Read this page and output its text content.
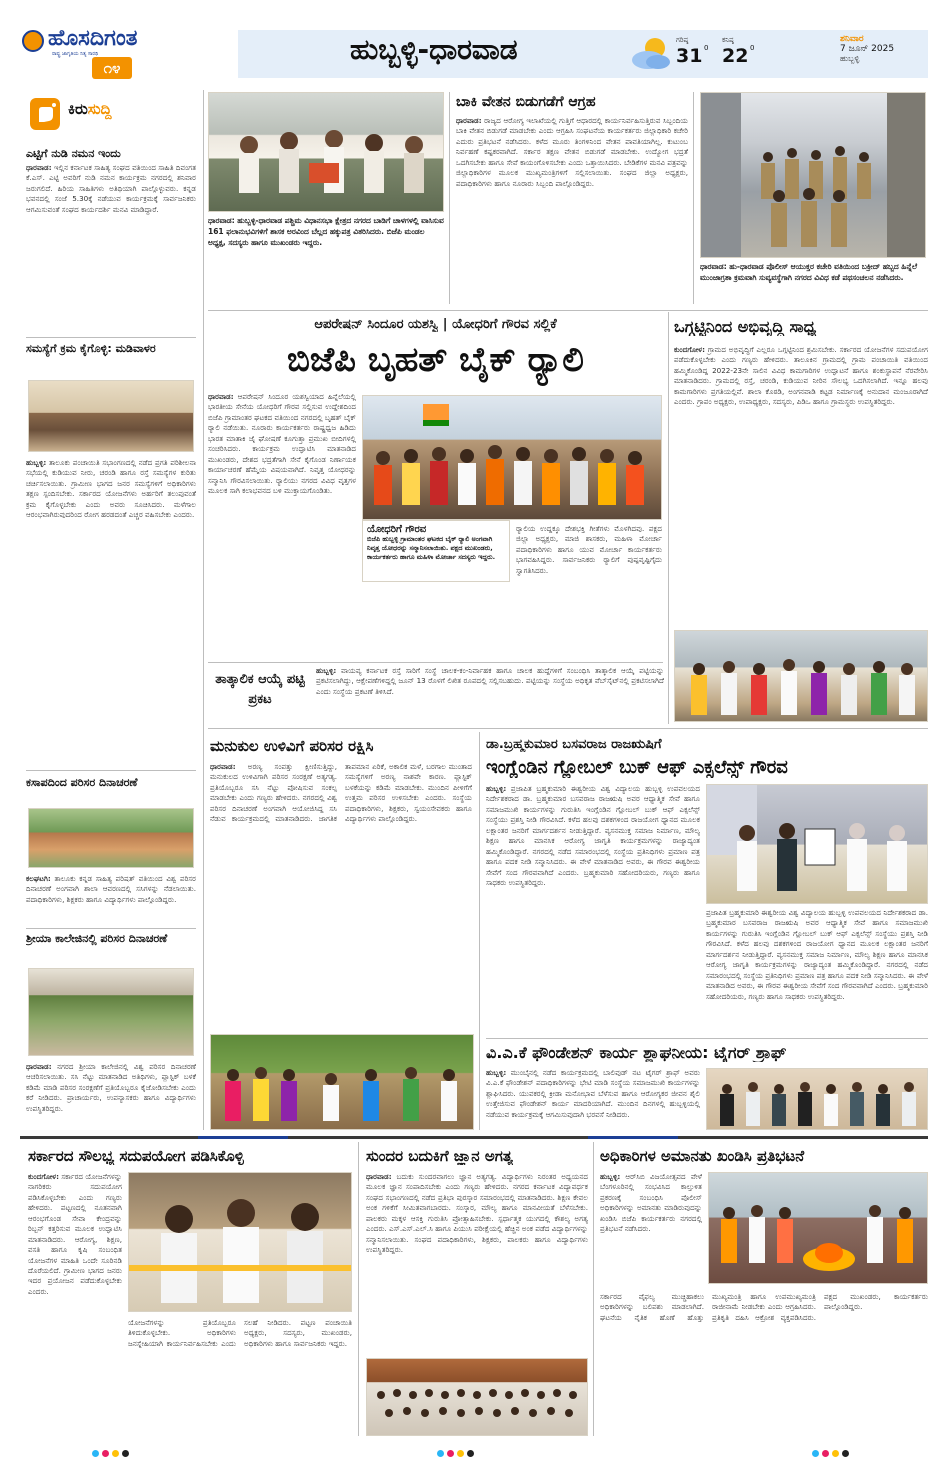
ಹೊಸದಿಗಂತ
ರಾಷ್ಟ್ರ ಜಾಗೃತಿಯ ನಿತ್ಯ ಸಾರಥಿ
೧೪
ಹುಬ್ಬಳ್ಳಿ-ಧಾರವಾಡ	ಗರಿಷ್ಠ
31 0
ಕನಿಷ್ಠ
22 0
ಶನಿವಾರ
7 ಜೂನ್ 2025
ಹುಬ್ಬಳ್ಳಿ
ಕಿರುಸುದ್ದಿ
ಎಟ್ಟಿಗೆ ನುಡಿ ನಮನ ಇಂದು
ಧಾರವಾಡ: ಇಲ್ಲಿನ ಕರ್ನಾಟಕ ಸಾಹಿತ್ಯ ಸಂಘದ ವತಿಯಿಂದ ಸಾಹಿತಿ ದಿವಂಗತ ಕೆ.ಎಸ್. ಎಟ್ಟಿ ಅವರಿಗೆ ನುಡಿ ನಮನ ಕಾರ್ಯಕ್ರಮ ನಗರದಲ್ಲಿ ಶನಿವಾರ ಜರುಗಲಿದೆ. ಹಿರಿಯ ಸಾಹಿತಿಗಳು ಅತಿಥಿಯಾಗಿ ಪಾಲ್ಗೊಳ್ಳುವರು. ಕನ್ನಡ ಭವನದಲ್ಲಿ ಸಂಜೆ 5.30ಕ್ಕೆ ನಡೆಯುವ ಕಾರ್ಯಕ್ರಮಕ್ಕೆ ಸಾರ್ವಜನಿಕರು ಆಗಮಿಸುವಂತೆ ಸಂಘದ ಕಾರ್ಯದರ್ಶಿ ಮನವಿ ಮಾಡಿದ್ದಾರೆ.
ಸಮಸ್ಯೆಗೆ ಕ್ರಮ ಕೈಗೊಳ್ಳಿ: ಮಡಿವಾಳರ
ಹುಬ್ಬಳ್ಳಿ: ತಾಲೂಕು ಪಂಚಾಯಿತಿ ಸಭಾಂಗಣದಲ್ಲಿ ನಡೆದ ಪ್ರಗತಿ ಪರಿಶೀಲನಾ ಸಭೆಯಲ್ಲಿ ಕುಡಿಯುವ ನೀರು, ಚರಂಡಿ ಹಾಗೂ ರಸ್ತೆ ಸಮಸ್ಯೆಗಳ ಕುರಿತು ಚರ್ಚಿಸಲಾಯಿತು. ಗ್ರಾಮೀಣ ಭಾಗದ ಜನರ ಸಮಸ್ಯೆಗಳಿಗೆ ಅಧಿಕಾರಿಗಳು ತಕ್ಷಣ ಸ್ಪಂದಿಸಬೇಕು. ಸರ್ಕಾರದ ಯೋಜನೆಗಳು ಅರ್ಹರಿಗೆ ತಲುಪುವಂತೆ ಕ್ರಮ ಕೈಗೊಳ್ಳಬೇಕು ಎಂದು ಅವರು ಸೂಚಿಸಿದರು. ಮಳೆಗಾಲ ಆರಂಭವಾಗಿರುವುದರಿಂದ ರೋಗ ಹರಡದಂತೆ ಎಚ್ಚರ ವಹಿಸಬೇಕು ಎಂದರು.
ಕಸಾಪದಿಂದ ಪರಿಸರ ದಿನಾಚರಣೆ
ಕಲಘಟಗಿ: ತಾಲೂಕು ಕನ್ನಡ ಸಾಹಿತ್ಯ ಪರಿಷತ್ ವತಿಯಿಂದ ವಿಶ್ವ ಪರಿಸರ ದಿನಾಚರಣೆ ಅಂಗವಾಗಿ ಶಾಲಾ ಆವರಣದಲ್ಲಿ ಸಸಿಗಳನ್ನು ನೆಡಲಾಯಿತು. ಪದಾಧಿಕಾರಿಗಳು, ಶಿಕ್ಷಕರು ಹಾಗೂ ವಿದ್ಯಾರ್ಥಿಗಳು ಪಾಲ್ಗೊಂಡಿದ್ದರು.
ಶ್ರೀಯಾ ಕಾಲೇಜಿನಲ್ಲಿ ಪರಿಸರ ದಿನಾಚರಣೆ
ಧಾರವಾಡ: ನಗರದ ಶ್ರೀಯಾ ಕಾಲೇಜಿನಲ್ಲಿ ವಿಶ್ವ ಪರಿಸರ ದಿನಾಚರಣೆ ಆಚರಿಸಲಾಯಿತು. ಸಸಿ ನೆಟ್ಟು ಮಾತನಾಡಿದ ಅತಿಥಿಗಳು, ಪ್ಲಾಸ್ಟಿಕ್ ಬಳಕೆ ಕಡಿಮೆ ಮಾಡಿ ಪರಿಸರ ಸಂರಕ್ಷಣೆಗೆ ಪ್ರತಿಯೊಬ್ಬರೂ ಕೈಜೋಡಿಸಬೇಕು ಎಂದು ಕರೆ ನೀಡಿದರು. ಪ್ರಾಚಾರ್ಯರು, ಉಪನ್ಯಾಸಕರು ಹಾಗೂ ವಿದ್ಯಾರ್ಥಿಗಳು ಉಪಸ್ಥಿತರಿದ್ದರು.
ಧಾರವಾಡ: ಹುಬ್ಬಳ್ಳಿ-ಧಾರವಾಡ ಪಶ್ಚಿಮ ವಿಧಾನಸಭಾ ಕ್ಷೇತ್ರದ ನಗರದ ಬಾಡಿಗೆ ಚಾಳಗಳಲ್ಲಿ ವಾಸಿಸುವ 161 ಫಲಾನುಭವಿಗಳಿಗೆ ಶಾಸಕ ಅರವಿಂದ ಬೆಲ್ಲದ ಹಕ್ಕುಪತ್ರ ವಿತರಿಸಿದರು. ಬಿಜೆಪಿ ಮಂಡಲ ಅಧ್ಯಕ್ಷ, ಸದಸ್ಯರು ಹಾಗೂ ಮುಖಂಡರು ಇದ್ದರು.
ಬಾಕಿ ವೇತನ ಬಿಡುಗಡೆಗೆ ಆಗ್ರಹ
ಧಾರವಾಡ: ರಾಜ್ಯದ ಆರೋಗ್ಯ ಇಲಾಖೆಯಲ್ಲಿ ಗುತ್ತಿಗೆ ಆಧಾರದಲ್ಲಿ ಕಾರ್ಯನಿರ್ವಹಿಸುತ್ತಿರುವ ಸಿಬ್ಬಂದಿಯ ಬಾಕಿ ವೇತನ ಬಿಡುಗಡೆ ಮಾಡಬೇಕು ಎಂದು ಆಗ್ರಹಿಸಿ ಸಂಘಟನೆಯ ಕಾರ್ಯಕರ್ತರು ಜಿಲ್ಲಾಧಿಕಾರಿ ಕಚೇರಿ ಎದುರು ಪ್ರತಿಭಟನೆ ನಡೆಸಿದರು. ಕಳೆದ ಮೂರು ತಿಂಗಳಿನಿಂದ ವೇತನ ಪಾವತಿಯಾಗಿಲ್ಲ. ಕುಟುಂಬ ನಿರ್ವಹಣೆ ಕಷ್ಟಕರವಾಗಿದೆ. ಸರ್ಕಾರ ತಕ್ಷಣ ವೇತನ ಬಿಡುಗಡೆ ಮಾಡಬೇಕು. ಉದ್ಯೋಗ ಭದ್ರತೆ ಒದಗಿಸಬೇಕು ಹಾಗೂ ಸೇವೆ ಕಾಯಂಗೊಳಿಸಬೇಕು ಎಂದು ಒತ್ತಾಯಿಸಿದರು. ಬೇಡಿಕೆಗಳ ಮನವಿ ಪತ್ರವನ್ನು ಜಿಲ್ಲಾಧಿಕಾರಿಗಳ ಮೂಲಕ ಮುಖ್ಯಮಂತ್ರಿಗಳಿಗೆ ಸಲ್ಲಿಸಲಾಯಿತು. ಸಂಘದ ಜಿಲ್ಲಾ ಅಧ್ಯಕ್ಷರು, ಪದಾಧಿಕಾರಿಗಳು ಹಾಗೂ ನೂರಾರು ಸಿಬ್ಬಂದಿ ಪಾಲ್ಗೊಂಡಿದ್ದರು.
ಧಾರವಾಡ: ಹು-ಧಾರವಾಡ ಪೊಲೀಸ್ ಆಯುಕ್ತರ ಕಚೇರಿ ವತಿಯಿಂದ ಬಕ್ರೀದ್ ಹಬ್ಬದ ಹಿನ್ನೆಲೆ ಮುಂಜಾಗ್ರತಾ ಕ್ರಮವಾಗಿ ಸುವ್ಯವಸ್ಥೆಗಾಗಿ ನಗರದ ವಿವಿಧ ಕಡೆ ಪಥಸಂಚಲನ ನಡೆಸಿದರು.
ಆಪರೇಷನ್ ಸಿಂದೂರ ಯಶಸ್ವಿ | ಯೋಧರಿಗೆ ಗೌರವ ಸಲ್ಲಿಕೆ
ಬಿಜೆಪಿ ಬೃಹತ್ ಬೈಕ್ ರ‍್ಯಾಲಿ
ಧಾರವಾಡ: ಆಪರೇಷನ್ ಸಿಂದೂರ ಯಶಸ್ವಿಯಾದ ಹಿನ್ನೆಲೆಯಲ್ಲಿ ಭಾರತೀಯ ಸೇನೆಯ ಯೋಧರಿಗೆ ಗೌರವ ಸಲ್ಲಿಸುವ ಉದ್ದೇಶದಿಂದ ಬಿಜೆಪಿ ಗ್ರಾಮಾಂತರ ಘಟಕದ ವತಿಯಿಂದ ನಗರದಲ್ಲಿ ಬೃಹತ್ ಬೈಕ್ ರ‍್ಯಾಲಿ ನಡೆಯಿತು. ನೂರಾರು ಕಾರ್ಯಕರ್ತರು ರಾಷ್ಟ್ರಧ್ವಜ ಹಿಡಿದು ಭಾರತ ಮಾತಾಕಿ ಜೈ ಘೋಷಣೆ ಕೂಗುತ್ತಾ ಪ್ರಮುಖ ಬೀದಿಗಳಲ್ಲಿ ಸಂಚರಿಸಿದರು. ಕಾರ್ಯಕ್ರಮ ಉದ್ಘಾಟಿಸಿ ಮಾತನಾಡಿದ ಮುಖಂಡರು, ದೇಶದ ಭದ್ರತೆಗಾಗಿ ಸೇನೆ ಕೈಗೊಂಡ ನಿರ್ಣಾಯಕ ಕಾರ್ಯಾಚರಣೆ ಹೆಮ್ಮೆಯ ವಿಷಯವಾಗಿದೆ. ನಿವೃತ್ತ ಯೋಧರನ್ನು ಸನ್ಮಾನಿಸಿ ಗೌರವಿಸಲಾಯಿತು. ರ‍್ಯಾಲಿಯು ನಗರದ ವಿವಿಧ ವೃತ್ತಗಳ ಮೂಲಕ ಸಾಗಿ ಕಲಾಭವನದ ಬಳಿ ಮುಕ್ತಾಯಗೊಂಡಿತು.
ಯೋಧರಿಗೆ ಗೌರವ
ಬಿಜೆಪಿ ಹುಬ್ಬಳ್ಳಿ ಗ್ರಾಮಾಂತರ ಘಟಕದ ಬೈಕ್ ರ‍್ಯಾಲಿ ಅಂಗವಾಗಿ ನಿವೃತ್ತ ಯೋಧರನ್ನು ಸನ್ಮಾನಿಸಲಾಯಿತು. ಪಕ್ಷದ ಮುಖಂಡರು, ಕಾರ್ಯಕರ್ತರು ಹಾಗೂ ಮಹಿಳಾ ಮೋರ್ಚಾ ಸದಸ್ಯರು ಇದ್ದರು.
ರ‍್ಯಾಲಿಯ ಉದ್ದಕ್ಕೂ ದೇಶಭಕ್ತಿ ಗೀತೆಗಳು ಮೊಳಗಿದವು. ಪಕ್ಷದ ಜಿಲ್ಲಾ ಅಧ್ಯಕ್ಷರು, ಮಾಜಿ ಶಾಸಕರು, ಮಹಿಳಾ ಮೋರ್ಚಾ ಪದಾಧಿಕಾರಿಗಳು ಹಾಗೂ ಯುವ ಮೋರ್ಚಾ ಕಾರ್ಯಕರ್ತರು ಭಾಗವಹಿಸಿದ್ದರು. ಸಾರ್ವಜನಿಕರು ರ‍್ಯಾಲಿಗೆ ಪುಷ್ಪವೃಷ್ಟಿಗೈದು ಸ್ವಾಗತಿಸಿದರು.
ಒಗ್ಗಟ್ಟಿನಿಂದ ಅಭಿವೃದ್ಧಿ ಸಾಧ್ಯ
ಕುಂದಗೋಳ: ಗ್ರಾಮದ ಅಭಿವೃದ್ಧಿಗೆ ಎಲ್ಲರೂ ಒಗ್ಗಟ್ಟಿನಿಂದ ಶ್ರಮಿಸಬೇಕು. ಸರ್ಕಾರದ ಯೋಜನೆಗಳ ಸದುಪಯೋಗ ಪಡೆದುಕೊಳ್ಳಬೇಕು ಎಂದು ಗಣ್ಯರು ಹೇಳಿದರು. ತಾಲೂಕಿನ ಗ್ರಾಮದಲ್ಲಿ ಗ್ರಾಮ ಪಂಚಾಯಿತಿ ವತಿಯಿಂದ ಹಮ್ಮಿಕೊಂಡಿದ್ದ 2022-23ನೇ ಸಾಲಿನ ವಿವಿಧ ಕಾಮಗಾರಿಗಳ ಉದ್ಘಾಟನೆ ಹಾಗೂ ಶಂಕುಸ್ಥಾಪನೆ ನೆರವೇರಿಸಿ ಮಾತನಾಡಿದರು. ಗ್ರಾಮದಲ್ಲಿ ರಸ್ತೆ, ಚರಂಡಿ, ಕುಡಿಯುವ ನೀರಿನ ಸೌಲಭ್ಯ ಒದಗಿಸಲಾಗಿದೆ. ಇನ್ನೂ ಹಲವು ಕಾಮಗಾರಿಗಳು ಪ್ರಗತಿಯಲ್ಲಿವೆ. ಶಾಲಾ ಕೊಠಡಿ, ಅಂಗನವಾಡಿ ಕಟ್ಟಡ ನಿರ್ಮಾಣಕ್ಕೆ ಅನುದಾನ ಮಂಜೂರಾಗಿದೆ ಎಂದರು. ಗ್ರಾಪಂ ಅಧ್ಯಕ್ಷರು, ಉಪಾಧ್ಯಕ್ಷರು, ಸದಸ್ಯರು, ಪಿಡಿಒ ಹಾಗೂ ಗ್ರಾಮಸ್ಥರು ಉಪಸ್ಥಿತರಿದ್ದರು.
ತಾತ್ಕಾಲಿಕ ಆಯ್ಕೆ ಪಟ್ಟಿ ಪ್ರಕಟ
ಹುಬ್ಬಳ್ಳಿ: ವಾಯವ್ಯ ಕರ್ನಾಟಕ ರಸ್ತೆ ಸಾರಿಗೆ ಸಂಸ್ಥೆ ಚಾಲಕ-ಕಂ-ನಿರ್ವಾಹಕ ಹಾಗೂ ಚಾಲಕ ಹುದ್ದೆಗಳಿಗೆ ಸಂಬಂಧಿಸಿ ತಾತ್ಕಾಲಿಕ ಆಯ್ಕೆ ಪಟ್ಟಿಯನ್ನು ಪ್ರಕಟಿಸಲಾಗಿದ್ದು, ಆಕ್ಷೇಪಣೆಗಳಿದ್ದಲ್ಲಿ ಜೂನ್ 13 ರೊಳಗೆ ಲಿಖಿತ ರೂಪದಲ್ಲಿ ಸಲ್ಲಿಸಬಹುದು. ಪಟ್ಟಿಯನ್ನು ಸಂಸ್ಥೆಯ ಅಧಿಕೃತ ವೆಬ್‌ಸೈಟ್‌ನಲ್ಲಿ ಪ್ರಕಟಿಸಲಾಗಿದೆ ಎಂದು ಸಂಸ್ಥೆಯ ಪ್ರಕಟಣೆ ತಿಳಿಸಿದೆ.
ಮನುಕುಲ ಉಳಿವಿಗೆ ಪರಿಸರ ರಕ್ಷಿಸಿ
ಧಾರವಾಡ: ಅರಣ್ಯ ಸಂಪತ್ತು ಕ್ಷೀಣಿಸುತ್ತಿದ್ದು, ಮನುಕುಲದ ಉಳಿವಿಗಾಗಿ ಪರಿಸರ ಸಂರಕ್ಷಣೆ ಅತ್ಯಗತ್ಯ. ಪ್ರತಿಯೊಬ್ಬರೂ ಸಸಿ ನೆಟ್ಟು ಪೋಷಿಸುವ ಸಂಕಲ್ಪ ಮಾಡಬೇಕು ಎಂದು ಗಣ್ಯರು ಹೇಳಿದರು. ನಗರದಲ್ಲಿ ವಿಶ್ವ ಪರಿಸರ ದಿನಾಚರಣೆ ಅಂಗವಾಗಿ ಆಯೋಜಿಸಿದ್ದ ಸಸಿ ನೆಡುವ ಕಾರ್ಯಕ್ರಮದಲ್ಲಿ ಮಾತನಾಡಿದರು. ಜಾಗತಿಕ ತಾಪಮಾನ ಏರಿಕೆ, ಅಕಾಲಿಕ ಮಳೆ, ಬರಗಾಲ ಮುಂತಾದ ಸಮಸ್ಯೆಗಳಿಗೆ ಅರಣ್ಯ ನಾಶವೇ ಕಾರಣ. ಪ್ಲಾಸ್ಟಿಕ್ ಬಳಕೆಯನ್ನು ಕಡಿಮೆ ಮಾಡಬೇಕು. ಮುಂದಿನ ಪೀಳಿಗೆಗೆ ಉತ್ತಮ ಪರಿಸರ ಉಳಿಸಬೇಕು ಎಂದರು. ಸಂಸ್ಥೆಯ ಪದಾಧಿಕಾರಿಗಳು, ಶಿಕ್ಷಕರು, ಸ್ವಯಂಸೇವಕರು ಹಾಗೂ ವಿದ್ಯಾರ್ಥಿಗಳು ಪಾಲ್ಗೊಂಡಿದ್ದರು.
ಡಾ.ಬ್ರಹ್ಮಕುಮಾರ ಬಸವರಾಜ ರಾಜಋಷಿಗೆ
ಇಂಗ್ಲೆಂಡಿನ ಗ್ಲೋಬಲ್ ಬುಕ್ ಆಫ್ ಎಕ್ಸಲೆನ್ಸ್ ಗೌರವ
ಹುಬ್ಬಳ್ಳಿ: ಪ್ರಜಾಪಿತ ಬ್ರಹ್ಮಕುಮಾರಿ ಈಶ್ವರೀಯ ವಿಶ್ವ ವಿದ್ಯಾಲಯ ಹುಬ್ಬಳ್ಳಿ ಉಪವಲಯದ ನಿರ್ದೇಶಕರಾದ ಡಾ. ಬ್ರಹ್ಮಕುಮಾರ ಬಸವರಾಜ ರಾಜಋಷಿ ಅವರ ಆಧ್ಯಾತ್ಮಿಕ ಸೇವೆ ಹಾಗೂ ಸಮಾಜಮುಖಿ ಕಾರ್ಯಗಳನ್ನು ಗುರುತಿಸಿ ಇಂಗ್ಲೆಂಡಿನ ಗ್ಲೋಬಲ್ ಬುಕ್ ಆಫ್ ಎಕ್ಸಲೆನ್ಸ್ ಸಂಸ್ಥೆಯು ಪ್ರಶಸ್ತಿ ನೀಡಿ ಗೌರವಿಸಿದೆ. ಕಳೆದ ಹಲವು ದಶಕಗಳಿಂದ ರಾಜಯೋಗ ಧ್ಯಾನದ ಮೂಲಕ ಲಕ್ಷಾಂತರ ಜನರಿಗೆ ಮಾರ್ಗದರ್ಶನ ನೀಡುತ್ತಿದ್ದಾರೆ. ವ್ಯಸನಮುಕ್ತ ಸಮಾಜ ನಿರ್ಮಾಣ, ಮೌಲ್ಯ ಶಿಕ್ಷಣ ಹಾಗೂ ಮಾನಸಿಕ ಆರೋಗ್ಯ ಜಾಗೃತಿ ಕಾರ್ಯಕ್ರಮಗಳನ್ನು ರಾಜ್ಯಾದ್ಯಂತ ಹಮ್ಮಿಕೊಂಡಿದ್ದಾರೆ. ನಗರದಲ್ಲಿ ನಡೆದ ಸಮಾರಂಭದಲ್ಲಿ ಸಂಸ್ಥೆಯ ಪ್ರತಿನಿಧಿಗಳು ಪ್ರಮಾಣ ಪತ್ರ ಹಾಗೂ ಪದಕ ನೀಡಿ ಸನ್ಮಾನಿಸಿದರು. ಈ ವೇಳೆ ಮಾತನಾಡಿದ ಅವರು, ಈ ಗೌರವ ಈಶ್ವರೀಯ ಸೇವೆಗೆ ಸಂದ ಗೌರವವಾಗಿದೆ ಎಂದರು. ಬ್ರಹ್ಮಕುಮಾರಿ ಸಹೋದರಿಯರು, ಗಣ್ಯರು ಹಾಗೂ ಸಾಧಕರು ಉಪಸ್ಥಿತರಿದ್ದರು.
ಪ್ರಜಾಪಿತ ಬ್ರಹ್ಮಕುಮಾರಿ ಈಶ್ವರೀಯ ವಿಶ್ವ ವಿದ್ಯಾಲಯ ಹುಬ್ಬಳ್ಳಿ ಉಪವಲಯದ ನಿರ್ದೇಶಕರಾದ ಡಾ. ಬ್ರಹ್ಮಕುಮಾರ ಬಸವರಾಜ ರಾಜಋಷಿ ಅವರ ಆಧ್ಯಾತ್ಮಿಕ ಸೇವೆ ಹಾಗೂ ಸಮಾಜಮುಖಿ ಕಾರ್ಯಗಳನ್ನು ಗುರುತಿಸಿ ಇಂಗ್ಲೆಂಡಿನ ಗ್ಲೋಬಲ್ ಬುಕ್ ಆಫ್ ಎಕ್ಸಲೆನ್ಸ್ ಸಂಸ್ಥೆಯು ಪ್ರಶಸ್ತಿ ನೀಡಿ ಗೌರವಿಸಿದೆ. ಕಳೆದ ಹಲವು ದಶಕಗಳಿಂದ ರಾಜಯೋಗ ಧ್ಯಾನದ ಮೂಲಕ ಲಕ್ಷಾಂತರ ಜನರಿಗೆ ಮಾರ್ಗದರ್ಶನ ನೀಡುತ್ತಿದ್ದಾರೆ. ವ್ಯಸನಮುಕ್ತ ಸಮಾಜ ನಿರ್ಮಾಣ, ಮೌಲ್ಯ ಶಿಕ್ಷಣ ಹಾಗೂ ಮಾನಸಿಕ ಆರೋಗ್ಯ ಜಾಗೃತಿ ಕಾರ್ಯಕ್ರಮಗಳನ್ನು ರಾಜ್ಯಾದ್ಯಂತ ಹಮ್ಮಿಕೊಂಡಿದ್ದಾರೆ. ನಗರದಲ್ಲಿ ನಡೆದ ಸಮಾರಂಭದಲ್ಲಿ ಸಂಸ್ಥೆಯ ಪ್ರತಿನಿಧಿಗಳು ಪ್ರಮಾಣ ಪತ್ರ ಹಾಗೂ ಪದಕ ನೀಡಿ ಸನ್ಮಾನಿಸಿದರು. ಈ ವೇಳೆ ಮಾತನಾಡಿದ ಅವರು, ಈ ಗೌರವ ಈಶ್ವರೀಯ ಸೇವೆಗೆ ಸಂದ ಗೌರವವಾಗಿದೆ ಎಂದರು. ಬ್ರಹ್ಮಕುಮಾರಿ ಸಹೋದರಿಯರು, ಗಣ್ಯರು ಹಾಗೂ ಸಾಧಕರು ಉಪಸ್ಥಿತರಿದ್ದರು.
ವಿ.ಎ.ಕೆ ಫೌಂಡೇಶನ್ ಕಾರ್ಯ ಶ್ಲಾಘನೀಯ: ಟೈಗರ್ ಶ್ರಾಫ್
ಹುಬ್ಬಳ್ಳಿ: ಮುಂಬೈನಲ್ಲಿ ನಡೆದ ಕಾರ್ಯಕ್ರಮದಲ್ಲಿ ಬಾಲಿವುಡ್ ನಟ ಟೈಗರ್ ಶ್ರಾಫ್ ಅವರು ವಿ.ಎ.ಕೆ ಫೌಂಡೇಶನ್ ಪದಾಧಿಕಾರಿಗಳನ್ನು ಭೇಟಿ ಮಾಡಿ ಸಂಸ್ಥೆಯ ಸಮಾಜಮುಖಿ ಕಾರ್ಯಗಳನ್ನು ಶ್ಲಾಘಿಸಿದರು. ಯುವಕರಲ್ಲಿ ಕ್ರೀಡಾ ಮನೋಭಾವ ಬೆಳೆಸುವ ಹಾಗೂ ಆರೋಗ್ಯಕರ ಜೀವನ ಶೈಲಿ ಉತ್ತೇಜಿಸುವ ಫೌಂಡೇಶನ್ ಕಾರ್ಯ ಮಾದರಿಯಾಗಿದೆ. ಮುಂದಿನ ದಿನಗಳಲ್ಲಿ ಹುಬ್ಬಳ್ಳಿಯಲ್ಲಿ ನಡೆಯುವ ಕಾರ್ಯಕ್ರಮಕ್ಕೆ ಆಗಮಿಸುವುದಾಗಿ ಭರವಸೆ ನೀಡಿದರು.
ಸರ್ಕಾರದ ಸೌಲಭ್ಯ ಸದುಪಯೋಗ ಪಡಿಸಿಕೊಳ್ಳಿ
ಕುಂದಗೋಳ: ಸರ್ಕಾರದ ಯೋಜನೆಗಳನ್ನು ನಾಗರಿಕರು ಸದುಪಯೋಗ ಪಡಿಸಿಕೊಳ್ಳಬೇಕು ಎಂದು ಗಣ್ಯರು ಹೇಳಿದರು. ಪಟ್ಟಣದಲ್ಲಿ ನೂತನವಾಗಿ ಆರಂಭಗೊಂಡ ಸೇವಾ ಕೇಂದ್ರವನ್ನು ರಿಬ್ಬನ್ ಕತ್ತರಿಸುವ ಮೂಲಕ ಉದ್ಘಾಟಿಸಿ ಮಾತನಾಡಿದರು. ಆರೋಗ್ಯ, ಶಿಕ್ಷಣ, ವಸತಿ ಹಾಗೂ ಕೃಷಿ ಸಂಬಂಧಿತ ಯೋಜನೆಗಳ ಮಾಹಿತಿ ಒಂದೇ ಸೂರಿನಡಿ ದೊರೆಯಲಿದೆ. ಗ್ರಾಮೀಣ ಭಾಗದ ಜನರು ಇದರ ಪ್ರಯೋಜನ ಪಡೆದುಕೊಳ್ಳಬೇಕು ಎಂದರು.
ಯೋಜನೆಗಳನ್ನು ಪ್ರತಿಯೊಬ್ಬರೂ ತಿಳಿದುಕೊಳ್ಳಬೇಕು. ಅಧಿಕಾರಿಗಳು ಜನಸ್ನೇಹಿಯಾಗಿ ಕಾರ್ಯನಿರ್ವಹಿಸಬೇಕು ಎಂದು ಸಲಹೆ ನೀಡಿದರು. ಪಟ್ಟಣ ಪಂಚಾಯಿತಿ ಅಧ್ಯಕ್ಷರು, ಸದಸ್ಯರು, ಮುಖಂಡರು, ಅಧಿಕಾರಿಗಳು ಹಾಗೂ ಸಾರ್ವಜನಿಕರು ಇದ್ದರು.
ಸುಂದರ ಬದುಕಿಗೆ ಜ್ಞಾನ ಅಗತ್ಯ
ಧಾರವಾಡ: ಬದುಕು ಸುಂದರವಾಗಲು ಜ್ಞಾನ ಅತ್ಯಗತ್ಯ. ವಿದ್ಯಾರ್ಥಿಗಳು ನಿರಂತರ ಅಧ್ಯಯನದ ಮೂಲಕ ಜ್ಞಾನ ಸಂಪಾದಿಸಬೇಕು ಎಂದು ಗಣ್ಯರು ಹೇಳಿದರು. ನಗರದ ಕರ್ನಾಟಕ ವಿದ್ಯಾವರ್ಧಕ ಸಂಘದ ಸಭಾಂಗಣದಲ್ಲಿ ನಡೆದ ಪ್ರತಿಭಾ ಪುರಸ್ಕಾರ ಸಮಾರಂಭದಲ್ಲಿ ಮಾತನಾಡಿದರು. ಶಿಕ್ಷಣ ಕೇವಲ ಅಂಕ ಗಳಿಕೆಗೆ ಸೀಮಿತವಾಗಬಾರದು. ಸಂಸ್ಕಾರ, ಮೌಲ್ಯ ಹಾಗೂ ಮಾನವೀಯತೆ ಬೆಳೆಸಬೇಕು. ಪಾಲಕರು ಮಕ್ಕಳ ಆಸಕ್ತಿ ಗುರುತಿಸಿ ಪ್ರೋತ್ಸಾಹಿಸಬೇಕು. ಸ್ಪರ್ಧಾತ್ಮಕ ಯುಗದಲ್ಲಿ ಕೌಶಲ್ಯ ಅಗತ್ಯ ಎಂದರು. ಎಸ್.ಎಸ್.ಎಲ್.ಸಿ ಹಾಗೂ ಪಿಯುಸಿ ಪರೀಕ್ಷೆಯಲ್ಲಿ ಹೆಚ್ಚಿನ ಅಂಕ ಪಡೆದ ವಿದ್ಯಾರ್ಥಿಗಳನ್ನು ಸನ್ಮಾನಿಸಲಾಯಿತು. ಸಂಘದ ಪದಾಧಿಕಾರಿಗಳು, ಶಿಕ್ಷಕರು, ಪಾಲಕರು ಹಾಗೂ ವಿದ್ಯಾರ್ಥಿಗಳು ಉಪಸ್ಥಿತರಿದ್ದರು.
ಅಧಿಕಾರಿಗಳ ಅಮಾನತು ಖಂಡಿಸಿ ಪ್ರತಿಭಟನೆ
ಹುಬ್ಬಳ್ಳಿ: ಆರ್‌ಸಿಬಿ ವಿಜಯೋತ್ಸವದ ವೇಳೆ ಬೆಂಗಳೂರಿನಲ್ಲಿ ಸಂಭವಿಸಿದ ಕಾಲ್ತುಳಿತ ಪ್ರಕರಣಕ್ಕೆ ಸಂಬಂಧಿಸಿ ಪೊಲೀಸ್ ಅಧಿಕಾರಿಗಳನ್ನು ಅಮಾನತು ಮಾಡಿರುವುದನ್ನು ಖಂಡಿಸಿ ಬಿಜೆಪಿ ಕಾರ್ಯಕರ್ತರು ನಗರದಲ್ಲಿ ಪ್ರತಿಭಟನೆ ನಡೆಸಿದರು.
ಸರ್ಕಾರದ ವೈಫಲ್ಯ ಮುಚ್ಚಿಹಾಕಲು ಅಧಿಕಾರಿಗಳನ್ನು ಬಲಿಪಶು ಮಾಡಲಾಗಿದೆ. ಘಟನೆಯ ನೈತಿಕ ಹೊಣೆ ಹೊತ್ತು ಮುಖ್ಯಮಂತ್ರಿ ಹಾಗೂ ಉಪಮುಖ್ಯಮಂತ್ರಿ ರಾಜೀನಾಮೆ ನೀಡಬೇಕು ಎಂದು ಆಗ್ರಹಿಸಿದರು. ಪ್ರತಿಕೃತಿ ದಹಿಸಿ ಆಕ್ರೋಶ ವ್ಯಕ್ತಪಡಿಸಿದರು. ಪಕ್ಷದ ಮುಖಂಡರು, ಕಾರ್ಯಕರ್ತರು ಪಾಲ್ಗೊಂಡಿದ್ದರು.
